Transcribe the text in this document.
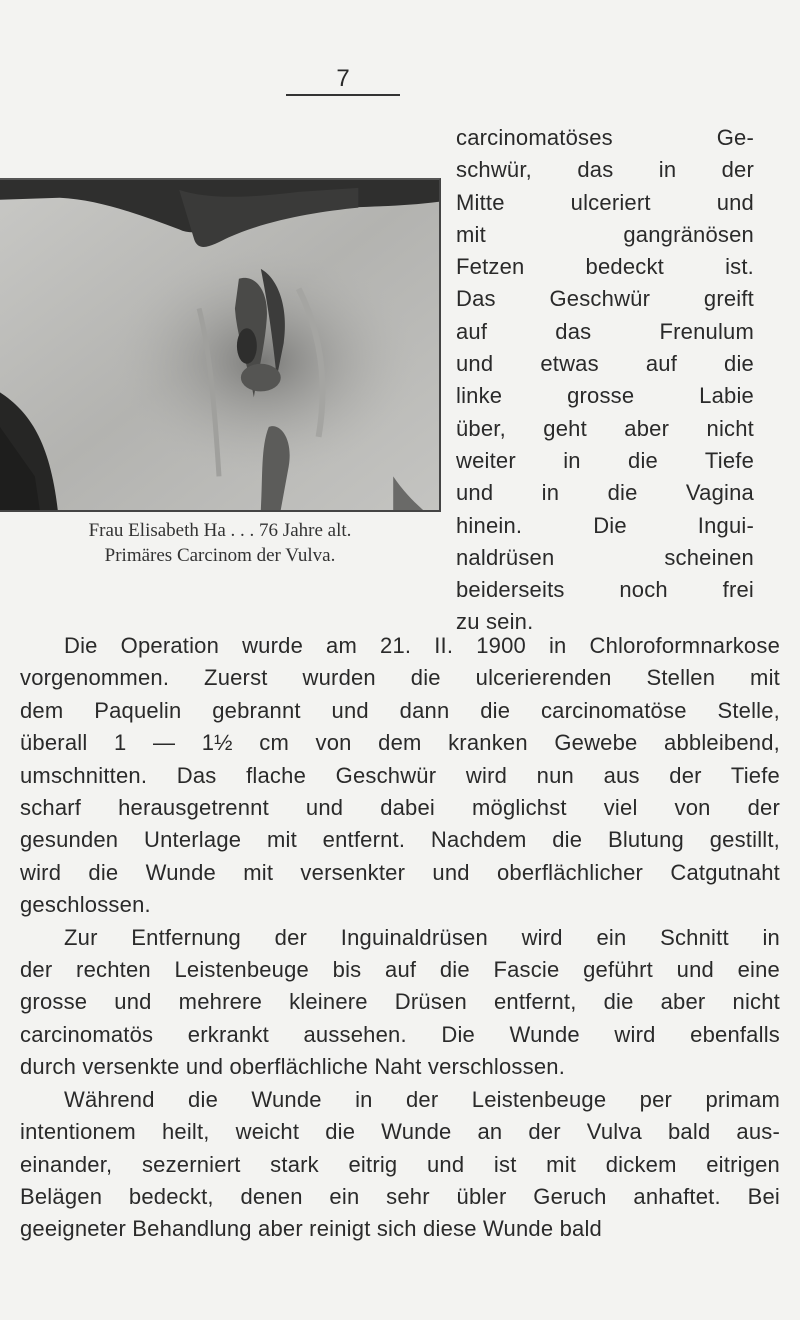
7
Frau Elisabeth Ha . . . 76 Jahre alt.
Primäres Carcinom der Vulva.
carcinomatöses Ge-
schwür, das in der
Mitte ulceriert und
mit gangränösen
Fetzen bedeckt ist.
Das Geschwür greift
auf das Frenulum
und etwas auf die
linke grosse Labie
über, geht aber nicht
weiter in die Tiefe
und in die Vagina
hinein. Die Ingui-
naldrüsen scheinen
beiderseits noch frei
zu sein.

Die Operation wurde am 21. II. 1900 in Chloroformnarkose
vorgenommen. Zuerst wurden die ulcerierenden Stellen mit
dem Paquelin gebrannt und dann die carcinomatöse Stelle,
überall 1 — 1½ cm von dem kranken Gewebe abbleibend,
umschnitten. Das flache Geschwür wird nun aus der Tiefe
scharf herausgetrennt und dabei möglichst viel von der
gesunden Unterlage mit entfernt. Nachdem die Blutung gestillt,
wird die Wunde mit versenkter und oberflächlicher Catgutnaht
geschlossen.

Zur Entfernung der Inguinaldrüsen wird ein Schnitt in
der rechten Leistenbeuge bis auf die Fascie geführt und eine
grosse und mehrere kleinere Drüsen entfernt, die aber nicht
carcinomatös erkrankt aussehen. Die Wunde wird ebenfalls
durch versenkte und oberflächliche Naht verschlossen.

Während die Wunde in der Leistenbeuge per primam
intentionem heilt, weicht die Wunde an der Vulva bald aus-
einander, sezerniert stark eitrig und ist mit dickem eitrigen
Belägen bedeckt, denen ein sehr übler Geruch anhaftet. Bei
geeigneter Behandlung aber reinigt sich diese Wunde bald
